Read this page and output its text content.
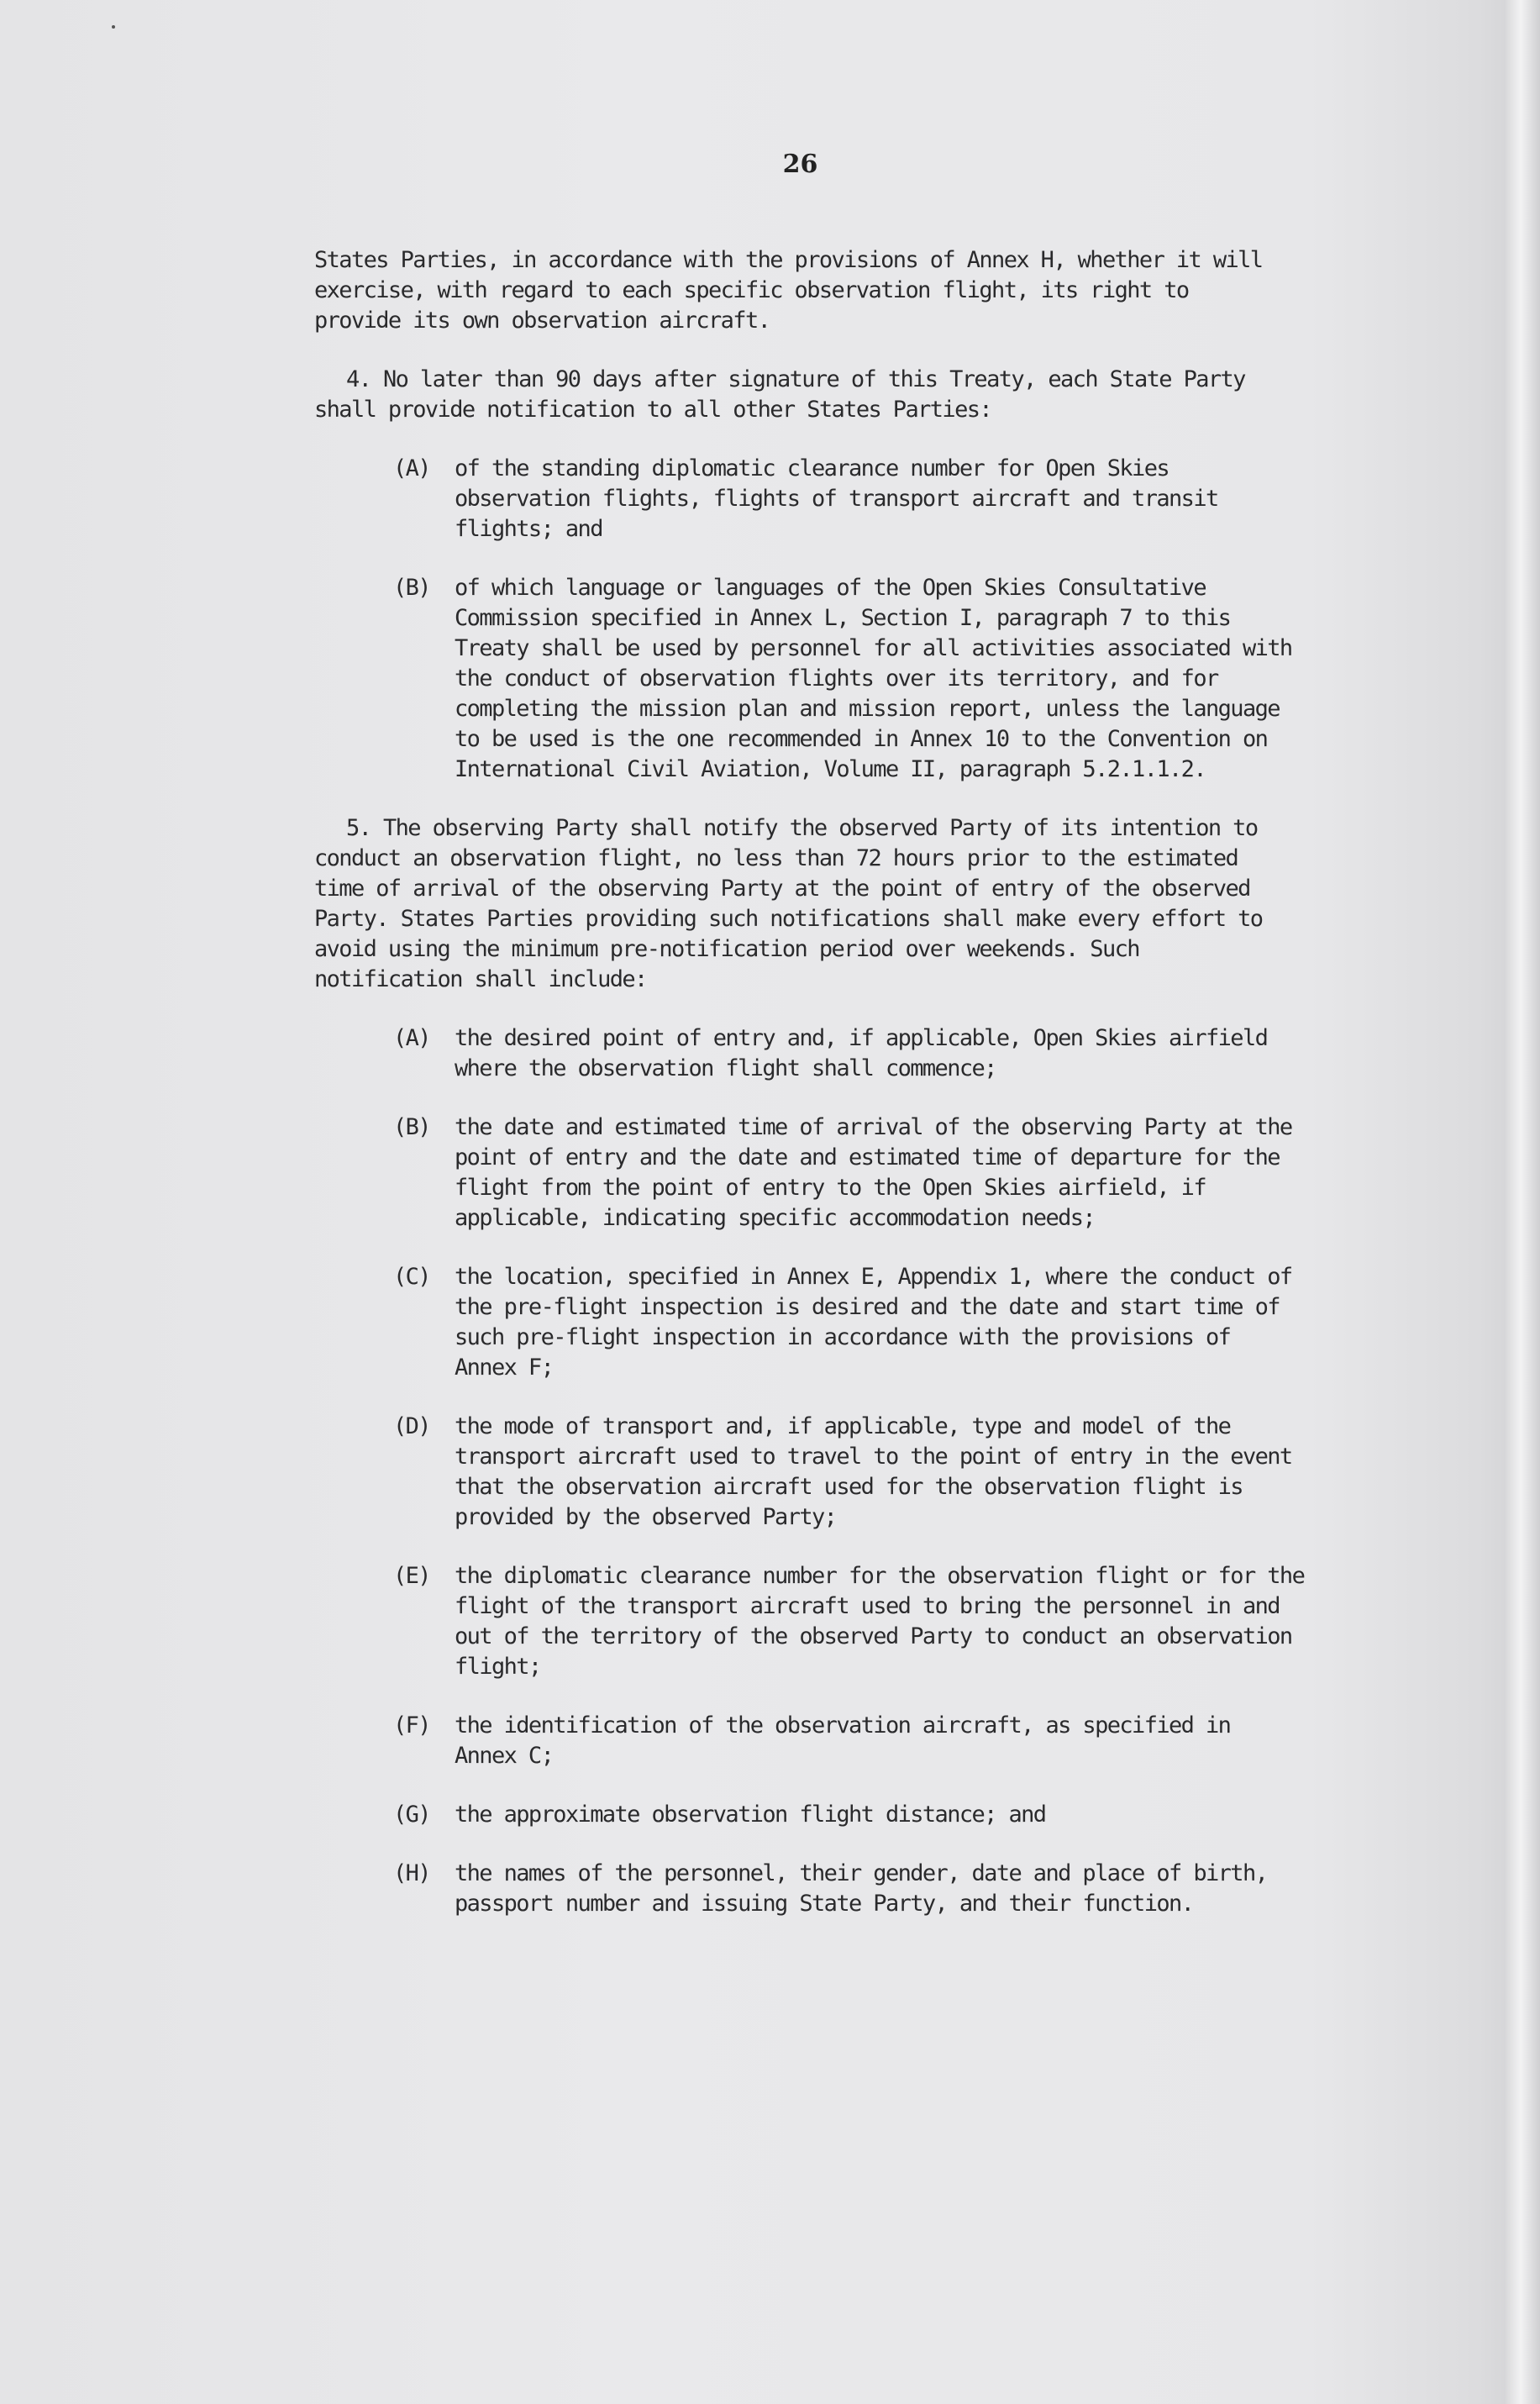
26
States Parties, in accordance with the provisions of Annex H, whether it will
exercise, with regard to each specific observation flight, its right to
provide its own observation aircraft.
4. No later than 90 days after signature of this Treaty, each State Party
shall provide notification to all other States Parties:
(A) of the standing diplomatic clearance number for Open Skies
observation flights, flights of transport aircraft and transit
flights; and
(B) of which language or languages of the Open Skies Consultative
Commission specified in Annex L, Section I, paragraph 7 to this
Treaty shall be used by personnel for all activities associated with
the conduct of observation flights over its territory, and for
completing the mission plan and mission report, unless the language
to be used is the one recommended in Annex 10 to the Convention on
International Civil Aviation, Volume II, paragraph 5.2.1.1.2.
5. The observing Party shall notify the observed Party of its intention to
conduct an observation flight, no less than 72 hours prior to the estimated
time of arrival of the observing Party at the point of entry of the observed
Party. States Parties providing such notifications shall make every effort to
avoid using the minimum pre-notification period over weekends. Such
notification shall include:
(A) the desired point of entry and, if applicable, Open Skies airfield
where the observation flight shall commence;
(B) the date and estimated time of arrival of the observing Party at the
point of entry and the date and estimated time of departure for the
flight from the point of entry to the Open Skies airfield, if
applicable, indicating specific accommodation needs;
(C) the location, specified in Annex E, Appendix 1, where the conduct of
the pre-flight inspection is desired and the date and start time of
such pre-flight inspection in accordance with the provisions of
Annex F;
(D) the mode of transport and, if applicable, type and model of the
transport aircraft used to travel to the point of entry in the event
that the observation aircraft used for the observation flight is
provided by the observed Party;
(E) the diplomatic clearance number for the observation flight or for the
flight of the transport aircraft used to bring the personnel in and
out of the territory of the observed Party to conduct an observation
flight;
(F) the identification of the observation aircraft, as specified in
Annex C;
(G) the approximate observation flight distance; and
(H) the names of the personnel, their gender, date and place of birth,
passport number and issuing State Party, and their function.
